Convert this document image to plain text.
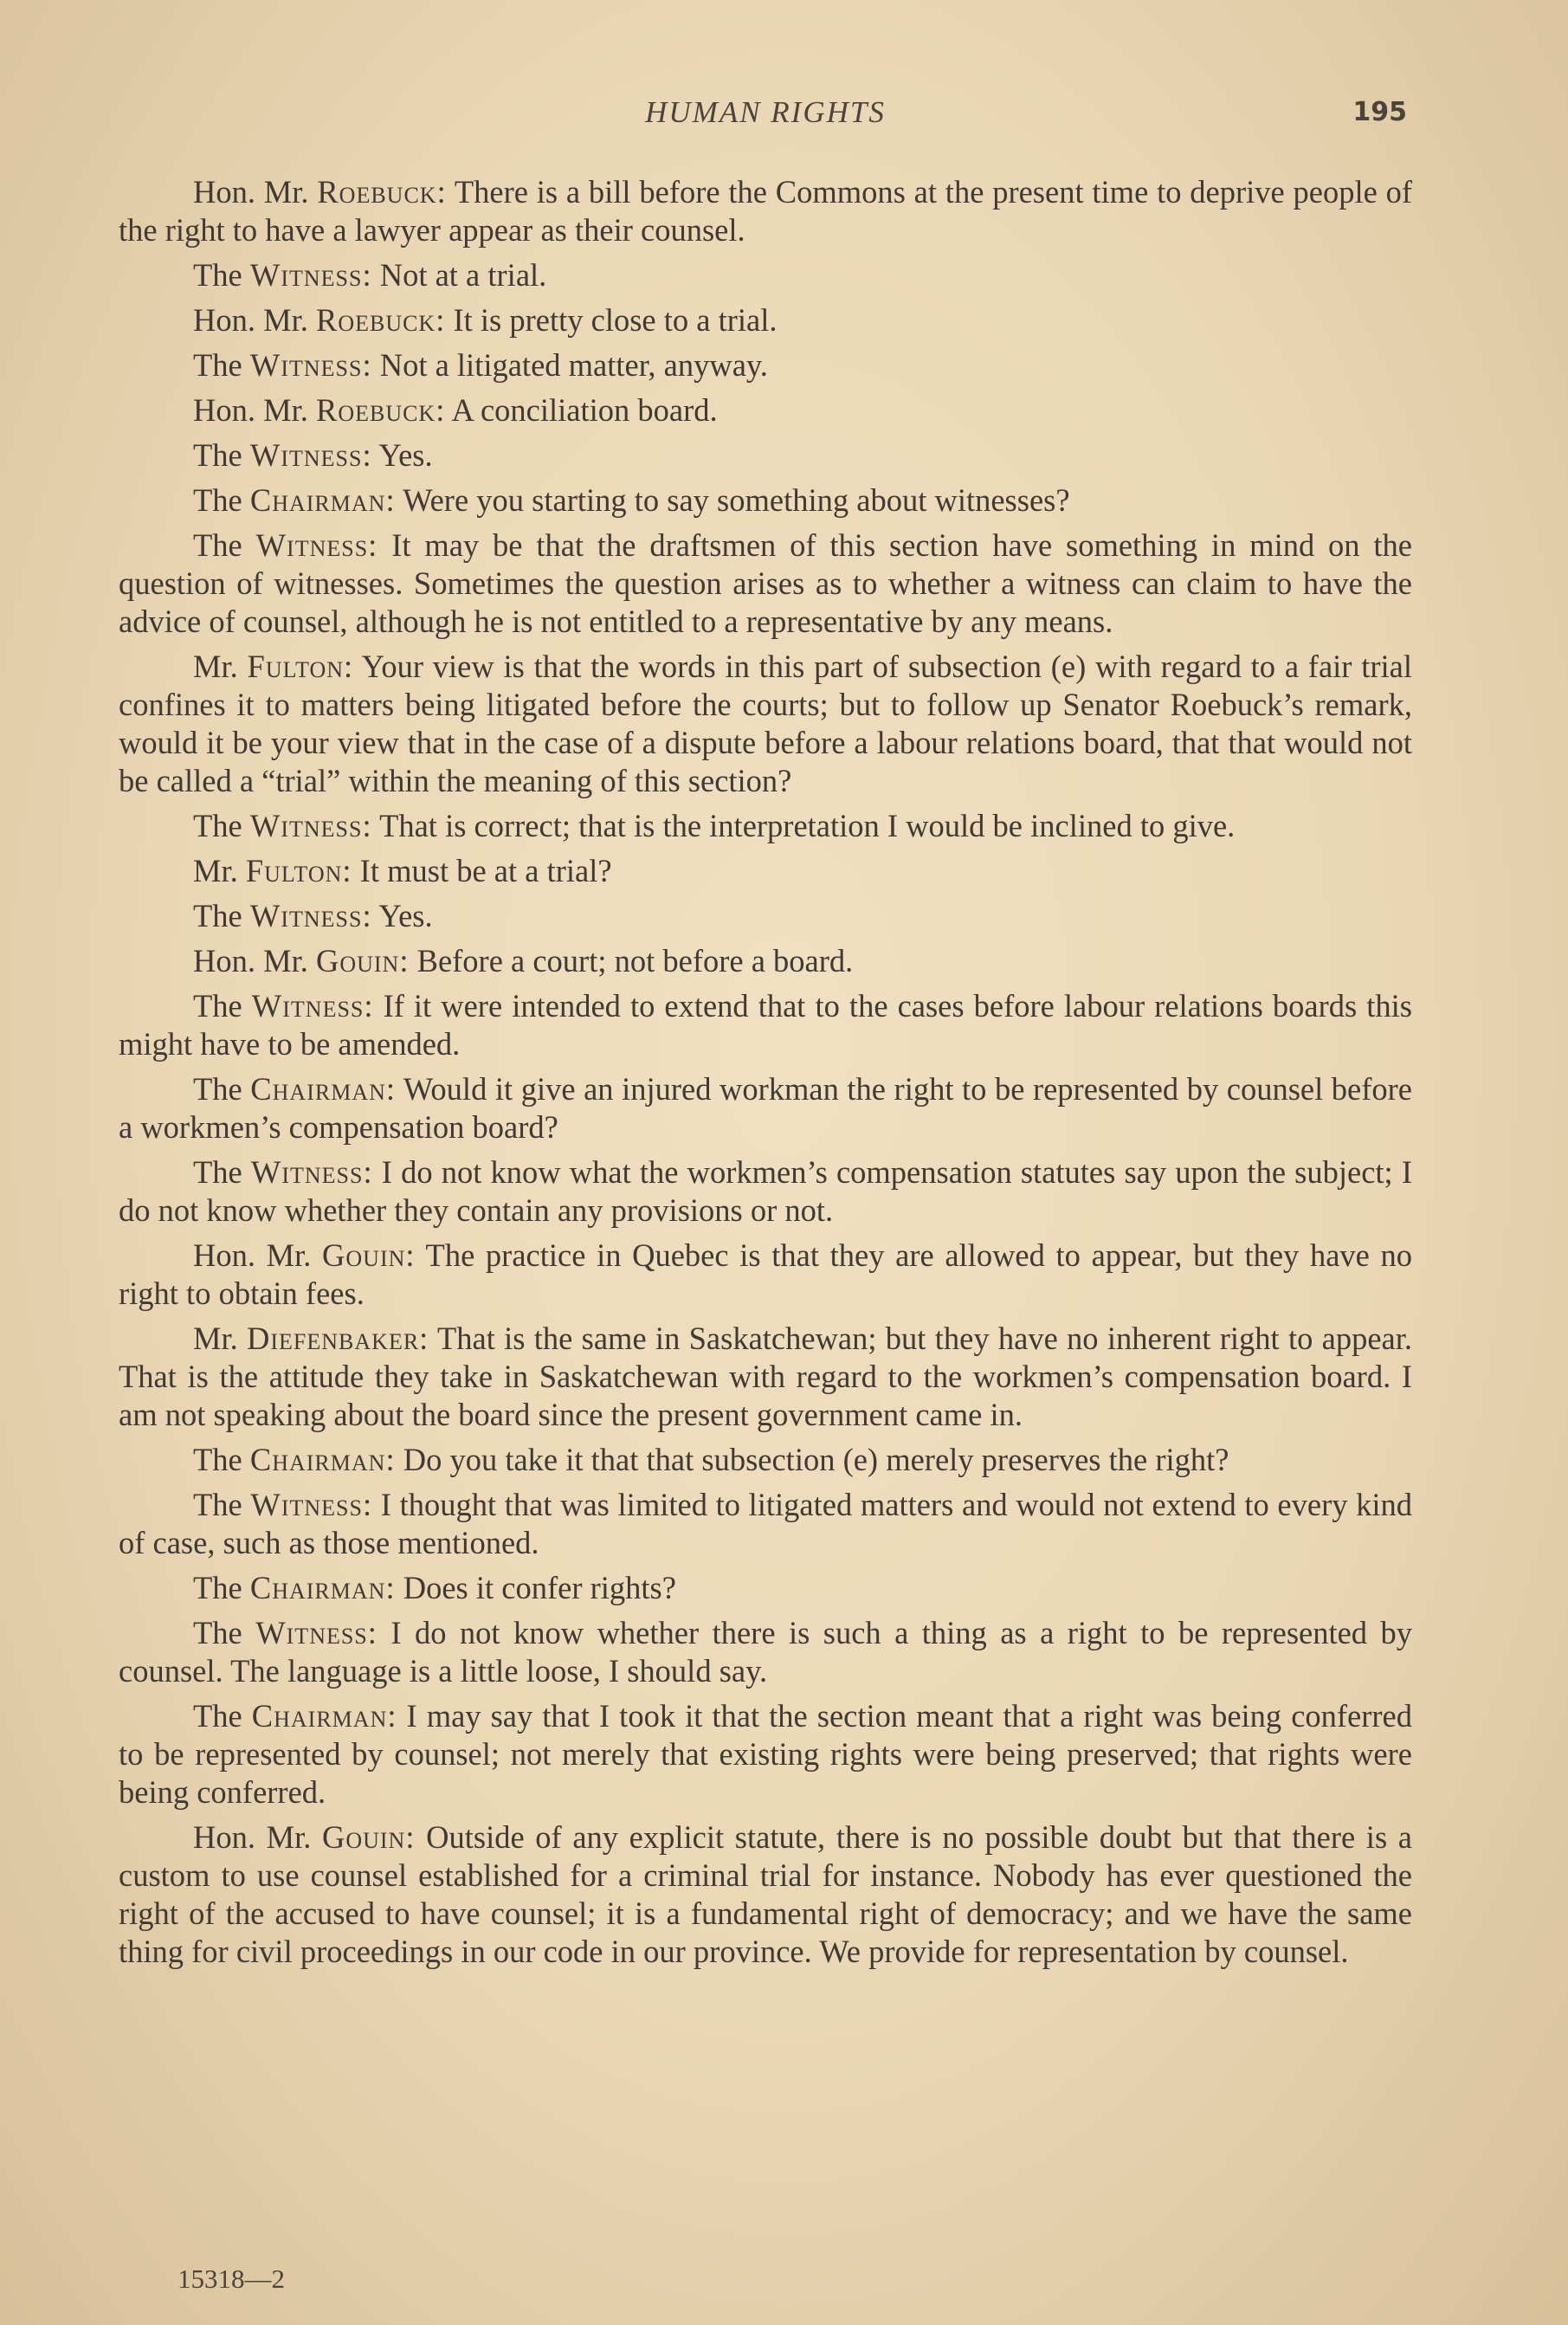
HUMAN RIGHTS	195

Hon. Mr. Roebuck: There is a bill before the Commons at the present time to deprive people of the right to have a lawyer appear as their counsel.

The Witness: Not at a trial.

Hon. Mr. Roebuck: It is pretty close to a trial.

The Witness: Not a litigated matter, anyway.

Hon. Mr. Roebuck: A conciliation board.

The Witness: Yes.

The Chairman: Were you starting to say something about witnesses?

The Witness: It may be that the draftsmen of this section have something in mind on the question of witnesses. Sometimes the question arises as to whether a witness can claim to have the advice of counsel, although he is not entitled to a representative by any means.

Mr. Fulton: Your view is that the words in this part of subsection (e) with regard to a fair trial confines it to matters being litigated before the courts; but to follow up Senator Roebuck’s remark, would it be your view that in the case of a dispute before a labour relations board, that that would not be called a “trial” within the meaning of this section?

The Witness: That is correct; that is the interpretation I would be inclined to give.

Mr. Fulton: It must be at a trial?

The Witness: Yes.

Hon. Mr. Gouin: Before a court; not before a board.

The Witness: If it were intended to extend that to the cases before labour relations boards this might have to be amended.

The Chairman: Would it give an injured workman the right to be represented by counsel before a workmen’s compensation board?

The Witness: I do not know what the workmen’s compensation statutes say upon the subject; I do not know whether they contain any provisions or not.

Hon. Mr. Gouin: The practice in Quebec is that they are allowed to appear, but they have no right to obtain fees.

Mr. Diefenbaker: That is the same in Saskatchewan; but they have no inherent right to appear. That is the attitude they take in Saskatchewan with regard to the workmen’s compensation board. I am not speaking about the board since the present government came in.

The Chairman: Do you take it that that subsection (e) merely preserves the right?

The Witness: I thought that was limited to litigated matters and would not extend to every kind of case, such as those mentioned.

The Chairman: Does it confer rights?

The Witness: I do not know whether there is such a thing as a right to be represented by counsel. The language is a little loose, I should say.

The Chairman: I may say that I took it that the section meant that a right was being conferred to be represented by counsel; not merely that existing rights were being preserved; that rights were being conferred.

Hon. Mr. Gouin: Outside of any explicit statute, there is no possible doubt but that there is a custom to use counsel established for a criminal trial for instance. Nobody has ever questioned the right of the accused to have counsel; it is a fundamental right of democracy; and we have the same thing for civil proceedings in our code in our province. We provide for representation by counsel.

15318—2
